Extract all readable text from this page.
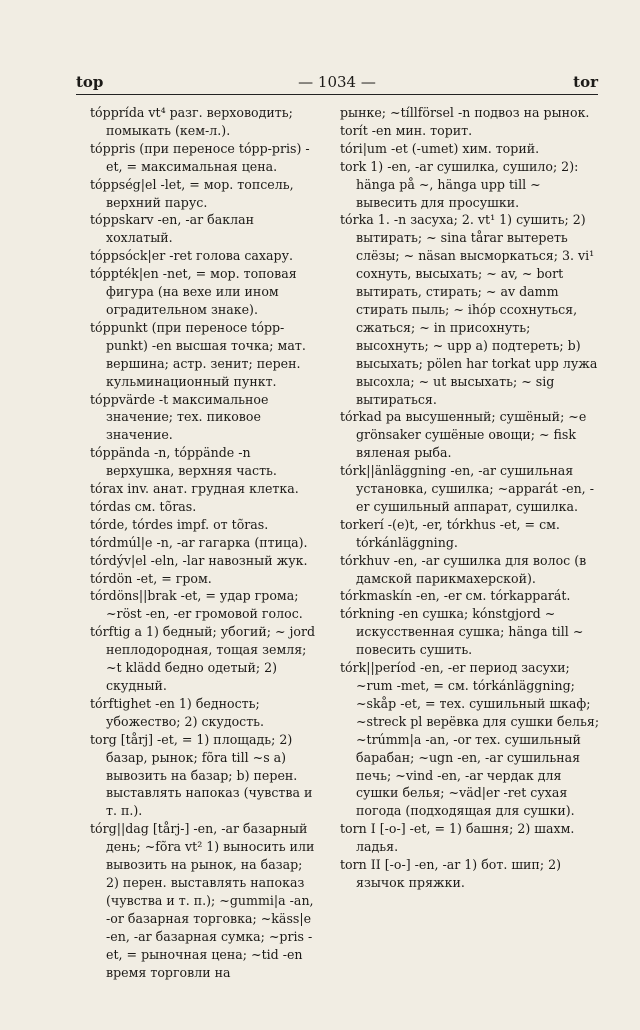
top	— 1034 —	tor

tópprída vt⁴ разг. верховодить; помыкать (кем-л.).

tóppris (при переносе tópp-pris) -et, = максимальная цена.

tóppség|el -let, = мор. топсель, верхний парус.

tóppskarv -en, -ar баклан хохлатый.

tóppsóck|er -ret голова сахару.

tóppték|en -net, = мор. топовая фигура (на вехе или ином оградительном знаке).

tóppunkt (при переносе tópp-punkt) -en высшая точка; мат. вершина; астр. зенит; перен. кульминационный пункт.

tóppvärde -t максимальное значение; тех. пиковое значение.

tóppända -n, tóppände -n верхушка, верхняя часть.

tórax inv. анат. грудная клетка.

tórdas см. tõras.

tórde, tórdes impf. от tõras.

tórdmúl|e -n, -ar гагарка (птица).

tórdýv|el -eln, -lar навозный жук.

tórdön -et, = гром.

tórdöns||brak -et, = удар грома; ~röst -en, -er громовой голос.

tórftig a 1) бедный; убогий; ~ jord неплодородная, тощая земля; ~t klädd бедно одетый; 2) скудный.

tórftighet -en 1) бедность; убожество; 2) скудость.

torg [tårj] -et, = 1) площадь; 2) базар, рынок; fõra till ~s a) вывозить на базар; b) перен. выставлять напоказ (чувства и т. п.).

tórg||dag [tårj-] -en, -ar базарный день; ~fõra vt² 1) выносить или вывозить на рынок, на базар; 2) перен. выставлять напоказ (чувства и т. п.); ~gummi|a -an, -or базарная торговка; ~käss|e -en, -ar базарная сумка; ~pris -et, = рыночная цена; ~tid -en время торговли на

рынке; ~tíllförsel -n подвоз на рынок.

torít -en мин. торит.

tóri|um -et (-umet) хим. торий.

tork 1) -en, -ar сушилка, сушило; 2): hänga på ~, hänga upp till ~ вывесить для просушки.

tórka 1. -n засуха; 2. vt¹ 1) сушить; 2) вытирать; ~ sina tårar вытереть слёзы; ~ näsan высморкаться; 3. vi¹ сохнуть, высыхать; ~ av, ~ bort вытирать, стирать; ~ av damm стирать пыль; ~ ihóp ссохнуться, сжаться; ~ in присохнуть; высохнуть; ~ upp a) подтереть; b) высыхать; pölen har torkat upp лужа высохла; ~ ut высыхать; ~ sig вытираться.

tórkad pa высушенный; сушёный; ~e grönsaker сушёные овощи; ~ fisk вяленая рыба.

tórk||änläggning -en, -ar сушильная установка, сушилка; ~apparát -en, -er сушильный аппарат, сушилка.

torkerí -(e)t, -er, tórkhus -et, = см. tórkánläggning.

tórkhuv -en, -ar сушилка для волос (в дамской парикмахерской).

tórkmaskín -en, -er см. tórkapparát.

tórkning -en сушка; kónstgjord ~ искусственная сушка; hänga till ~ повесить сушить.

tórk||períod -en, -er период засухи; ~rum -met, = см. tórkánläggning; ~skåp -et, = тех. сушильный шкаф; ~streck pl верёвка для сушки белья; ~trúmm|a -an, -or тех. сушильный барабан; ~ugn -en, -ar сушильная печь; ~vind -en, -ar чердак для сушки белья; ~väd|er -ret сухая погода (подходящая для сушки).

torn I [-o-] -et, = 1) башня; 2) шахм. ладья.

torn II [-o-] -en, -ar 1) бот. шип; 2) язычок пряжки.
